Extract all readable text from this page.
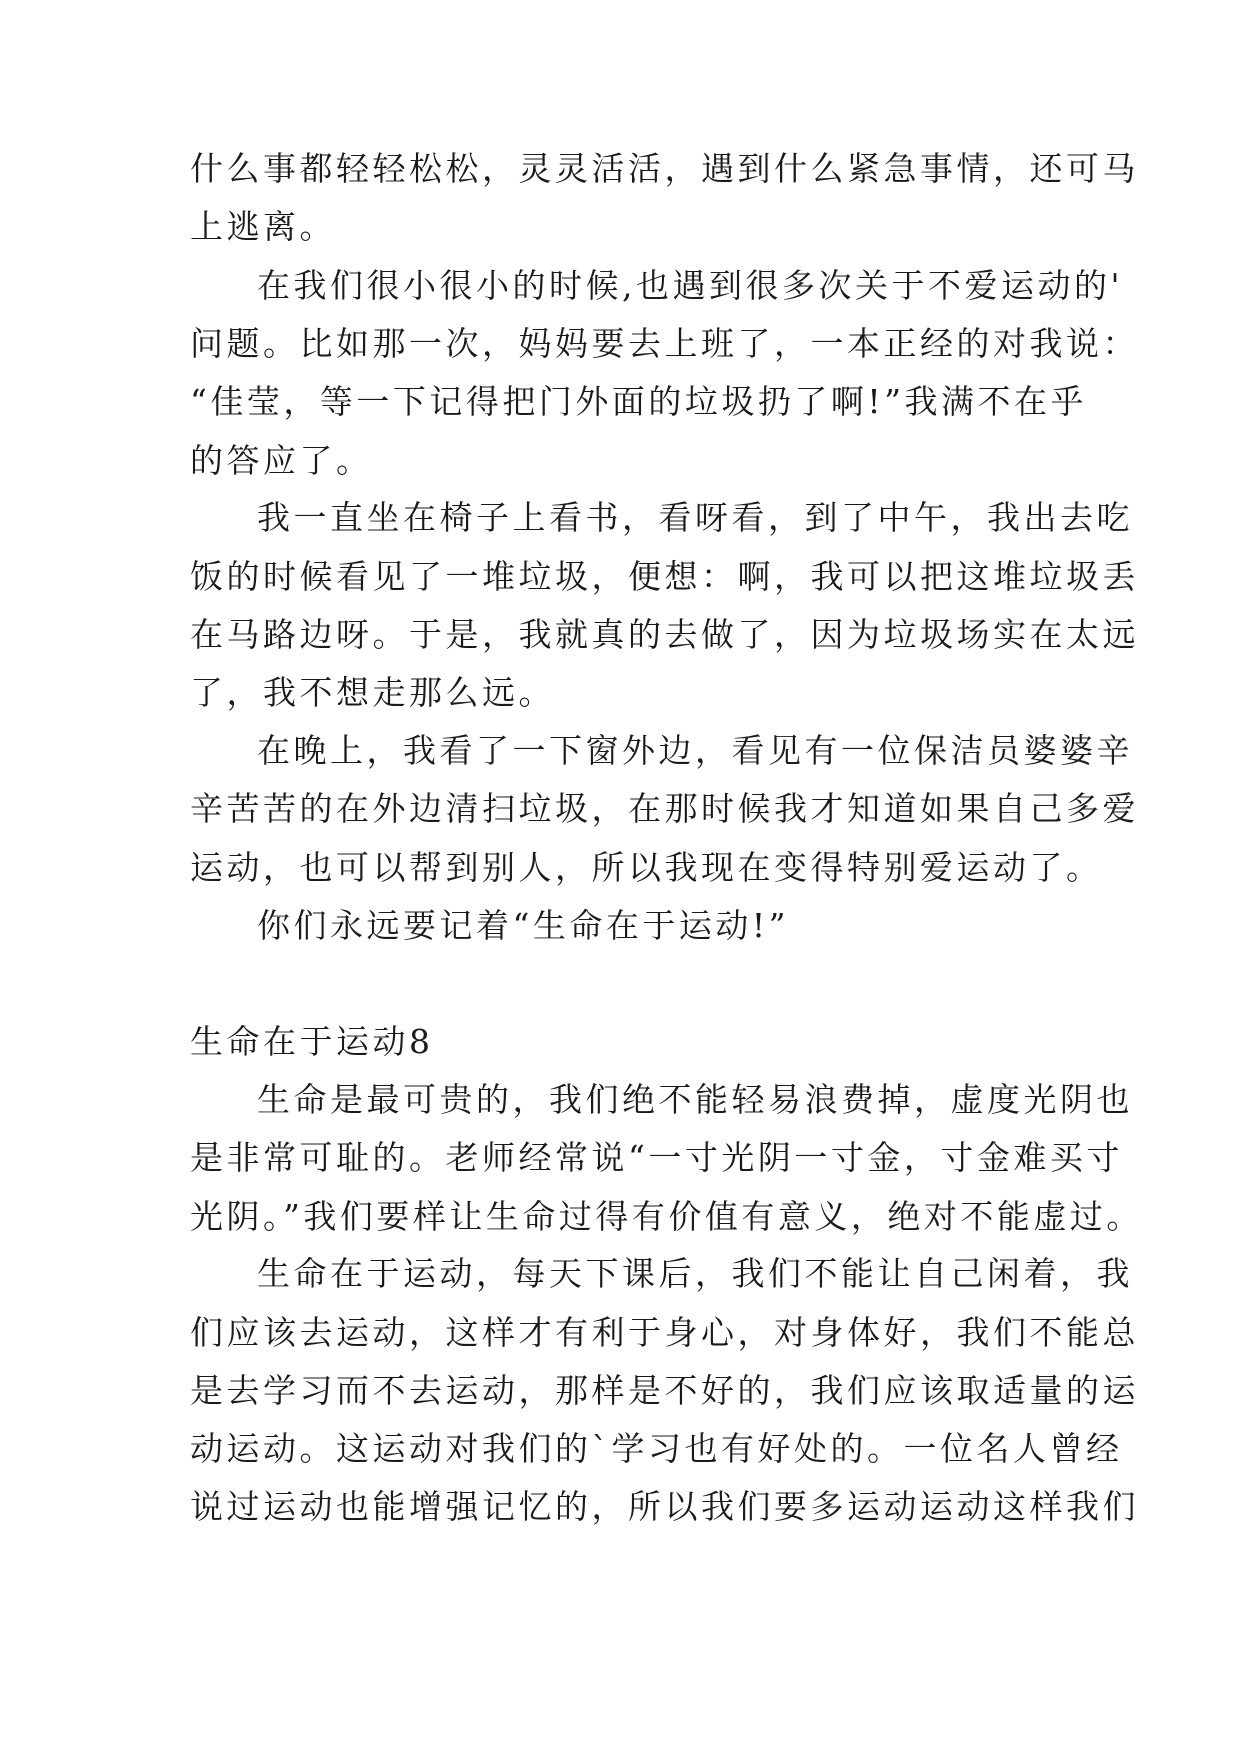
什么事都轻轻松松，灵灵活活，遇到什么紧急事情，还可马
上逃离。
在我们很小很小的时候,也遇到很多次关于不爱运动的'
问题。比如那一次，妈妈要去上班了，一本正经的对我说：
“佳莹，等一下记得把门外面的垃圾扔了啊!”我满不在乎
的答应了。
我一直坐在椅子上看书，看呀看，到了中午，我出去吃
饭的时候看见了一堆垃圾，便想：啊，我可以把这堆垃圾丢
在马路边呀。于是，我就真的去做了，因为垃圾场实在太远
了，我不想走那么远。
在晚上，我看了一下窗外边，看见有一位保洁员婆婆辛
辛苦苦的在外边清扫垃圾，在那时候我才知道如果自己多爱
运动，也可以帮到别人，所以我现在变得特别爱运动了。
你们永远要记着“生命在于运动!”
生命在于运动8
生命是最可贵的，我们绝不能轻易浪费掉，虚度光阴也
是非常可耻的。老师经常说“一寸光阴一寸金，寸金难买寸
光阴。”我们要样让生命过得有价值有意义，绝对不能虚过。
生命在于运动，每天下课后，我们不能让自己闲着，我
们应该去运动，这样才有利于身心，对身体好，我们不能总
是去学习而不去运动，那样是不好的，我们应该取适量的运
动运动。这运动对我们的`学习也有好处的。一位名人曾经
说过运动也能增强记忆的，所以我们要多运动运动这样我们
